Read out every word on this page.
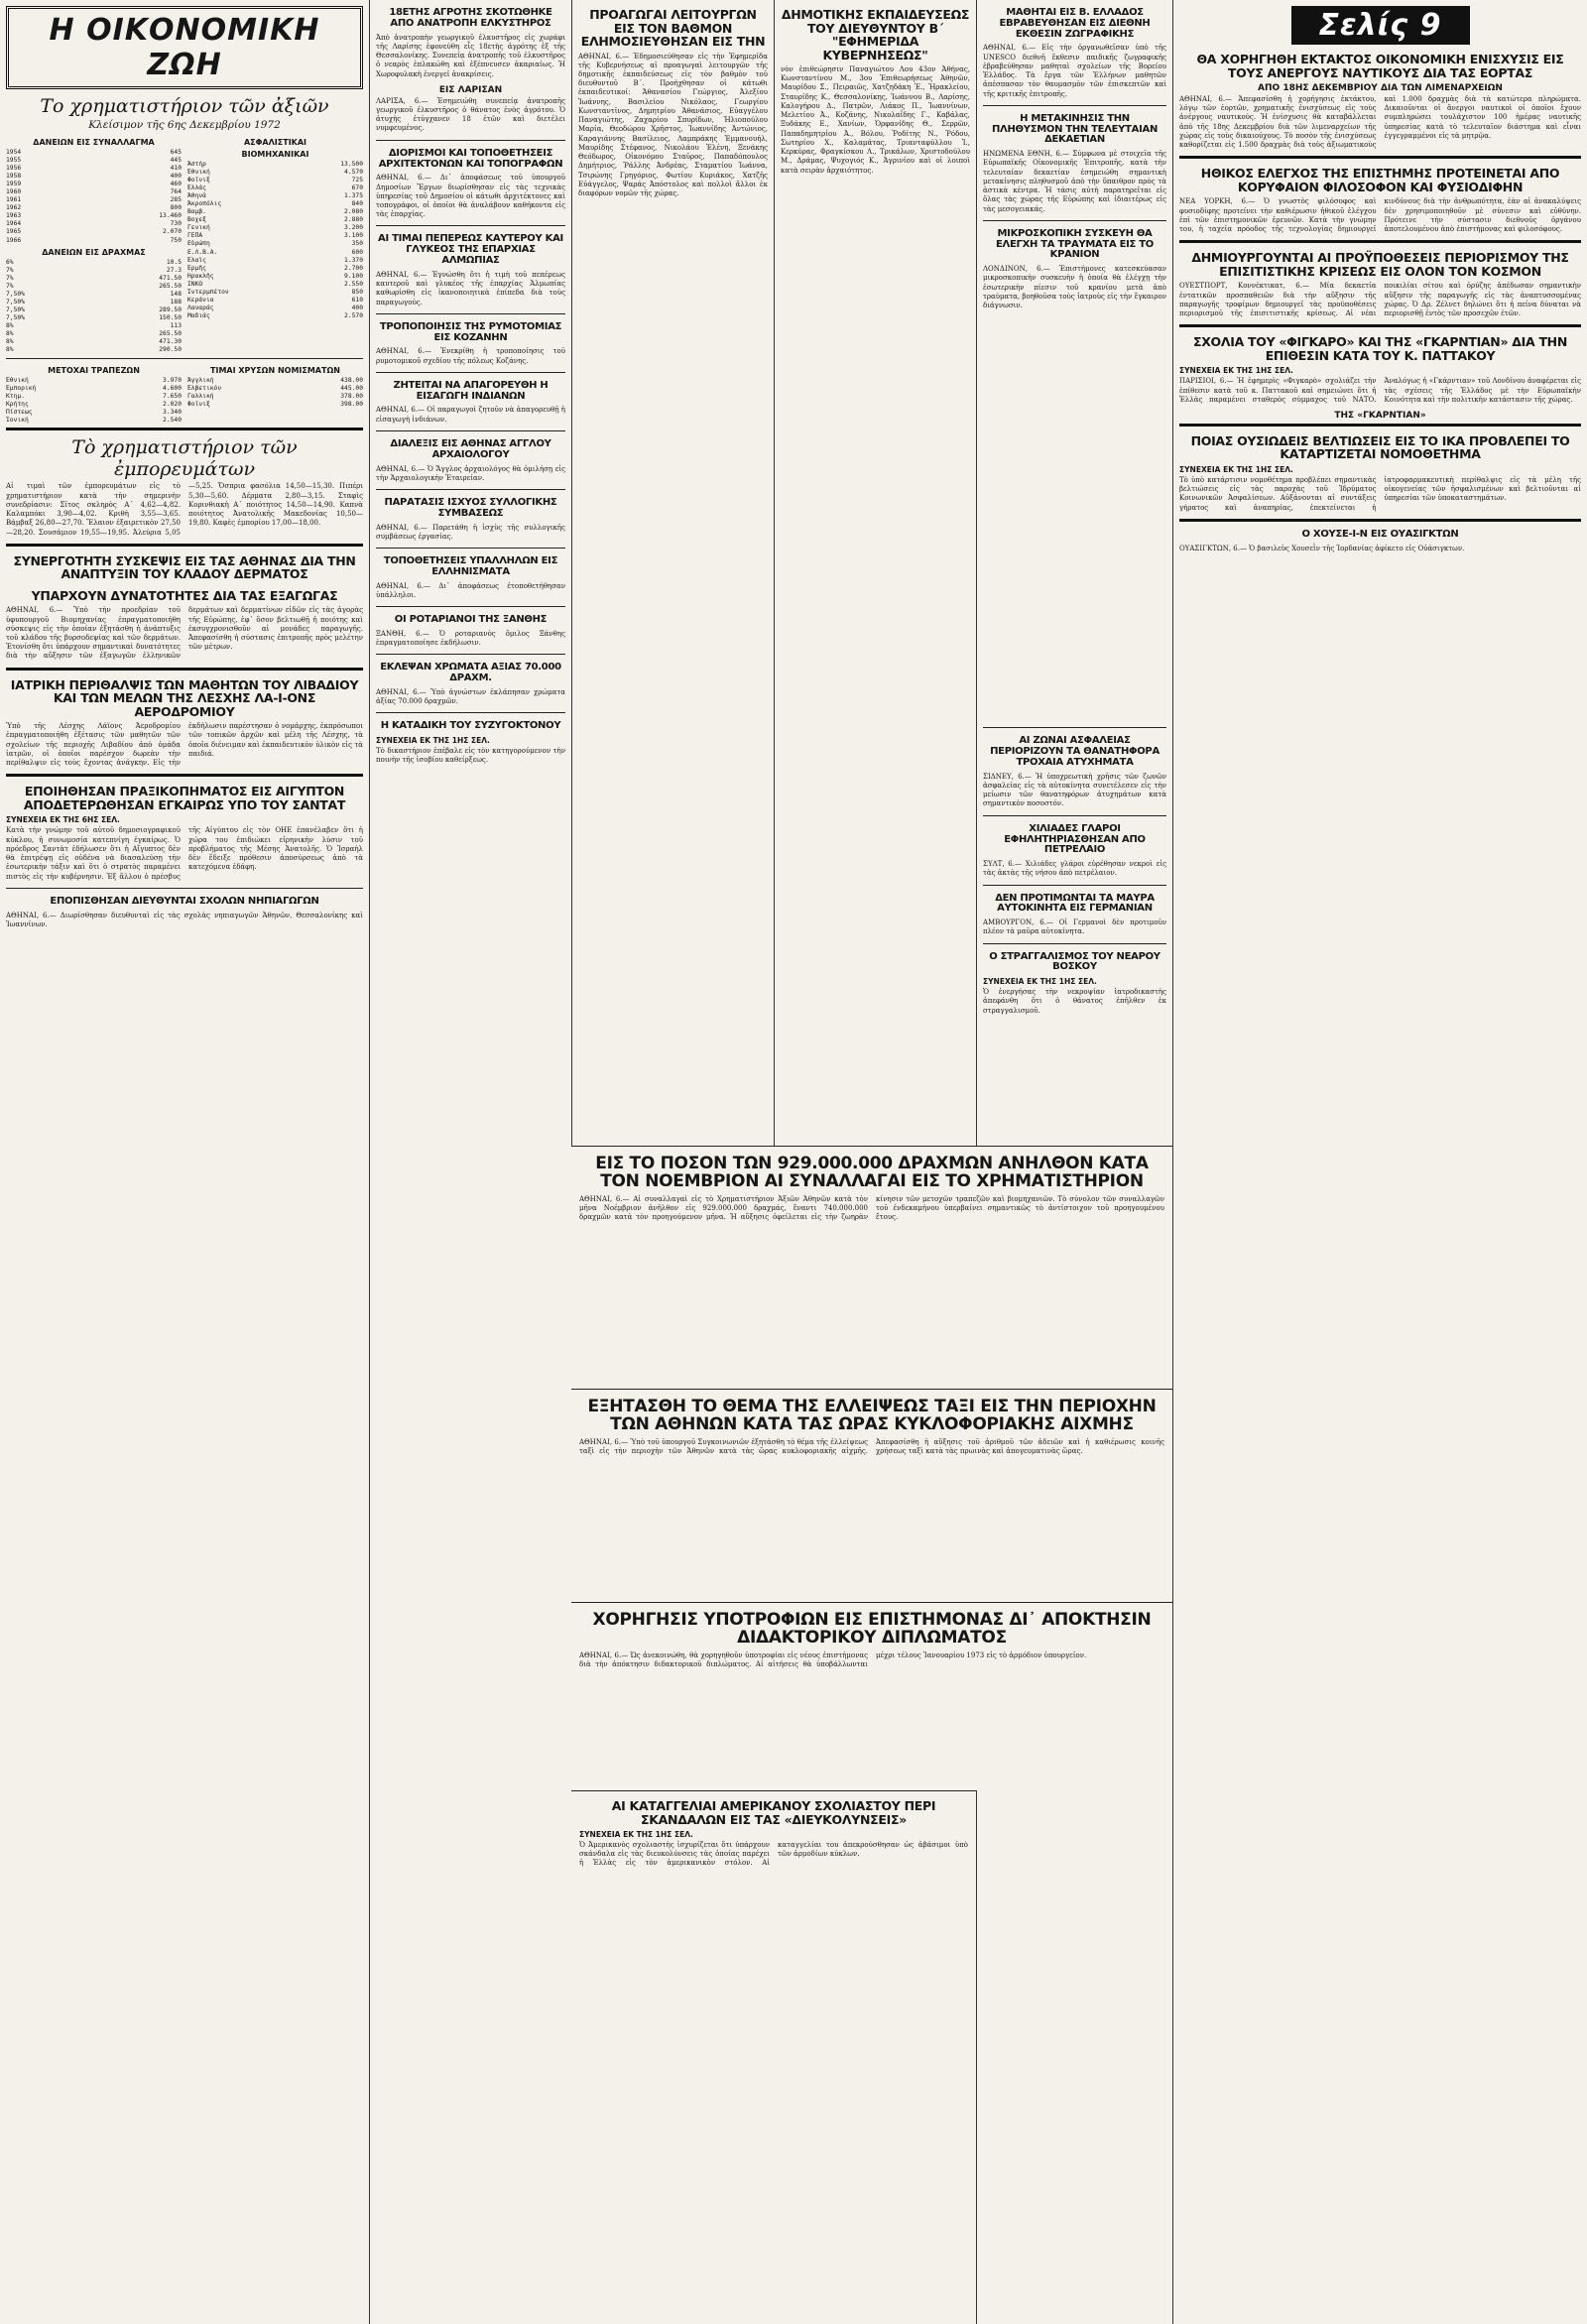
Η ΟΙΚΟΝΟΜΙΚΗ ΖΩΗ
Το χρηματιστήριον τῶν ἀξιῶν
Κλείσιμον τῆς 6ης Δεκεμβρίου 1972
ΔΑΝΕΙΩΝ ΕΙΣ ΣΥΝΑΛΛΑΓΜΑ
1954	645
1955	445
1956	410
1958	400
1959	460
1960	764
1961	285
1962	800
1963	13.460
1964	730
1965	2.070
1966	750
ΔΑΝΕΙΩΝ ΕΙΣ ΔΡΑΧΜΑΣ
6%	10.5
7%	27.3
7%	471.50
7%	265.50
7,50%	148
7,50%	188
7,50%	289.50
7,50%	150.50
8%	113
8%	265.50
8%	471.30
8%	290.50
ΑΣΦΑΛΙΣΤΙΚΑΙ
ΒΙΟΜΗΧΑΝΙΚΑΙ
Ἀστήρ	13.500
Ἐθνική	4.570
Φοῖνιξ	725
Ἑλλάς	670
Ἀθηνᾶ	1.375
Ἀκροπόλις	840
Βαμβ.	2.080
Βοχεξ	2.880
Γενική	3.200
ΓΕΠΑ	3.100
Εὐρώπη	350
Ε.Λ.Β.Α.	600
Ἐλαΐς	1.370
Ἐρμῆς	2.700
Ἠρακλῆς	9.100
ΙΝΚΟ	2.550
Ἰντερμπέτον	850
Κεράνια	610
Λαναράς	400
Μαδιάς	2.570
ΜΕΤΟΧΑΙ ΤΡΑΠΕΖΩΝ
Ἐθνική	3.970
Ἐμπορική	4.600
Κτημ.	7.650
Κρήτης	2.020
Πίστεως	3.340
Ἰονική	2.540
ΤΙΜΑΙ ΧΡΥΣΩΝ ΝΟΜΙΣΜΑΤΩΝ
Ἀγγλική	438.00
Ἐλβετικόν	445.00
Γαλλική	378.00
Φοῖνιξ	398.00
Τὸ χρηματιστήριον τῶν ἐμπορευμάτων
Αἱ τιμαὶ τῶν ἐμπορευμάτων εἰς τὸ χρηματιστήριον κατὰ τὴν σημερινὴν συνεδρίασιν: Σῖτος σκληρὸς Α΄ 4,62—4,82. Καλαμπόκι 3,90—4,02. Κριθὴ 3,55—3,65. Βάμβαξ 26,80—27,70. Ἔλαιον ἐξαιρετικὸν 27,50—28,20. Σουσάμιον 19,55—19,95. Ἀλεύρια 5,05—5,25. Ὄσπρια φασόλια 14,50—15,30. Πιπέρι 5,30—5,60. Δέρματα 2,80—3,15. Σταφὶς Κορινθιακὴ Α΄ ποιότητος 14,50—14,90. Καπνὰ ποιότητος Ἀνατολικῆς Μακεδονίας 10,50—19,80. Καφὲς ἐμπορίου 17,00—18,00.
ΣΥΝΕΡΓΟΤΗΤΗ ΣΥΣΚΕΨΙΣ ΕΙΣ ΤΑΣ ΑΘΗΝΑΣ ΔΙΑ ΤΗΝ ΑΝΑΠΤΥΞΙΝ ΤΟΥ ΚΛΑΔΟΥ ΔΕΡΜΑΤΟΣ
ΥΠΑΡΧΟΥΝ ΔΥΝΑΤΟΤΗΤΕΣ ΔΙΑ ΤΑΣ ΕΞΑΓΩΓΑΣ
ΑΘΗΝΑΙ, 6.— Ὑπὸ τὴν προεδρίαν τοῦ ὑφυπουργοῦ Βιομηχανίας ἐπραγματοποιήθη σύσκεψις εἰς τὴν ὁποίαν ἐξητάσθη ἡ ἀνάπτυξις τοῦ κλάδου τῆς βυρσοδεψίας καὶ τῶν δερμάτων. Ἐτονίσθη ὅτι ὑπάρχουν σημαντικαὶ δυνατότητες διὰ τὴν αὔξησιν τῶν ἐξαγωγῶν ἑλληνικῶν δερμάτων καὶ δερματίνων εἰδῶν εἰς τὰς ἀγορὰς τῆς Εὐρώπης, ἐφ᾽ ὅσον βελτιωθῇ ἡ ποιότης καὶ ἐκσυγχρονισθοῦν αἱ μονάδες παραγωγῆς. Ἀπεφασίσθη ἡ σύστασις ἐπιτροπῆς πρὸς μελέτην τῶν μέτρων.
ΙΑΤΡΙΚΗ ΠΕΡΙΘΑΛΨΙΣ ΤΩΝ ΜΑΘΗΤΩΝ ΤΟΥ ΛΙΒΑΔΙΟΥ ΚΑΙ ΤΩΝ ΜΕΛΩΝ ΤΗΣ ΛΕΣΧΗΣ ΛΑ-Ι-ΟΝΣ ΑΕΡΟΔΡΟΜΙΟΥ
Ὑπὸ τῆς Λέσχης Λάϊονς Ἀεροδρομίου ἐπραγματοποιήθη ἐξέτασις τῶν μαθητῶν τῶν σχολείων τῆς περιοχῆς Λιβαδίου ἀπὸ ὁμάδα ἰατρῶν, οἱ ὁποῖοι παρέσχον δωρεὰν τὴν περίθαλψιν εἰς τοὺς ἔχοντας ἀνάγκην. Εἰς τὴν ἐκδήλωσιν παρέστησαν ὁ νομάρχης, ἐκπρόσωποι τῶν τοπικῶν ἀρχῶν καὶ μέλη τῆς Λέσχης, τὰ ὁποῖα διένειμαν καὶ ἐκπαιδευτικὸν ὑλικὸν εἰς τὰ παιδιά.
ΕΠΟΙΗΘΗΣΑΝ ΠΡΑΞΙΚΟΠΗΜΑΤΟΣ ΕΙΣ ΑΙΓΥΠΤΟΝ ΑΠΟΔΕΤΕΡΩΘΗΣΑΝ ΕΓΚΑΙΡΩΣ ΥΠΟ ΤΟΥ ΣΑΝΤΑΤ
ΣΥΝΕΧΕΙΑ ΕΚ ΤΗΣ 6ΗΣ ΣΕΛ.
Κατὰ τὴν γνώμην τοῦ αὐτοῦ δημοσιογραφικοῦ κύκλου, ἡ συνωμοσία κατεπνίγη ἐγκαίρως. Ὁ πρόεδρος Σαντὰτ ἐδήλωσεν ὅτι ἡ Αἴγυπτος δὲν θὰ ἐπιτρέψῃ εἰς οὐδένα νὰ διασαλεύσῃ τὴν ἐσωτερικὴν τάξιν καὶ ὅτι ὁ στρατὸς παραμένει πιστὸς εἰς τὴν κυβέρνησιν. Ἐξ ἄλλου ὁ πρέσβυς τῆς Αἰγύπτου εἰς τὸν ΟΗΕ ἐπανέλαβεν ὅτι ἡ χώρα του ἐπιδιώκει εἰρηνικὴν λύσιν τοῦ προβλήματος τῆς Μέσης Ἀνατολῆς. Ὁ Ἰσραὴλ δὲν ἔδειξε πρόθεσιν ἀποσύρσεως ἀπὸ τὰ κατεχόμενα ἐδάφη.
ΕΠΟΠΙΣΘΗΣΑΝ ΔΙΕΥΘΥΝΤΑΙ ΣΧΟΛΩΝ ΝΗΠΙΑΓΩΓΩΝ
ΑΘΗΝΑΙ, 6.— Διωρίσθησαν διευθυνταὶ εἰς τὰς σχολὰς νηπιαγωγῶν Ἀθηνῶν, Θεσσαλονίκης καὶ Ἰωαννίνων.
18ΕΤΗΣ ΑΓΡΟΤΗΣ ΣΚΟΤΩΘΗΚΕ ΑΠΟ ΑΝΑΤΡΟΠΗ ΕΛΚΥΣΤΗΡΟΣ
Ἀπὸ ἀνατροπὴν γεωργικοῦ ἐλκυστῆρος εἰς χωράφι τῆς Λαρίσης ἐφονεύθη εἷς 18ετὴς ἀγρότης ἐξ τῆς Θεσσαλονίκης. Συνεπείᾳ ἀνατροπῆς τοῦ ἐλκυστῆρος ὁ νεαρὸς ἐπλακώθη καὶ ἐξέπνευσεν ἀκαριαίως. Ἡ Χωροφυλακὴ ἐνεργεῖ ἀνακρίσεις.
ΕΙΣ ΛΑΡΙΣΑΝ
ΛΑΡΙΣΑ, 6.— Ἐσημειώθη συνεπείᾳ ἀνατροπῆς γεωργικοῦ ἐλκυστῆρος ὁ θάνατος ἑνὸς ἀγρότου. Ὁ ἀτυχὴς ἐτύγχανεν 18 ἐτῶν καὶ διετέλει νυμφευμένος.
ΔΙΟΡΙΣΜΟΙ ΚΑΙ ΤΟΠΟΘΕΤΗΣΕΙΣ ΑΡΧΙΤΕΚΤΟΝΩΝ ΚΑΙ ΤΟΠΟΓΡΑΦΩΝ
ΑΘΗΝΑΙ, 6.— Δι᾽ ἀποφάσεως τοῦ ὑπουργοῦ Δημοσίων Ἔργων διωρίσθησαν εἰς τὰς τεχνικὰς ὑπηρεσίας τοῦ Δημοσίου οἱ κάτωθι ἀρχιτέκτονες καὶ τοπογράφοι, οἱ ὁποῖοι θὰ ἀναλάβουν καθήκοντα εἰς τὰς ἐπαρχίας.
ΑΙ ΤΙΜΑΙ ΠΕΠΕΡΕΩΣ ΚΑΥΤΕΡΟΥ ΚΑΙ ΓΛΥΚΕΟΣ ΤΗΣ ΕΠΑΡΧΙΑΣ ΑΛΜΩΠΙΑΣ
ΑΘΗΝΑΙ, 6.— Ἐγνώσθη ὅτι ἡ τιμὴ τοῦ πεπέρεως καυτεροῦ καὶ γλυκέος τῆς ἐπαρχίας Ἀλμωπίας καθωρίσθη εἰς ἱκανοποιητικὰ ἐπίπεδα διὰ τοὺς παραγωγούς.
ΤΡΟΠΟΠΟΙΗΣΙΣ ΤΗΣ ΡΥΜΟΤΟΜΙΑΣ ΕΙΣ ΚΟΖΑΝΗΝ
ΑΘΗΝΑΙ, 6.— Ἐνεκρίθη ἡ τροποποίησις τοῦ ρυμοτομικοῦ σχεδίου τῆς πόλεως Κοζάνης.
ΖΗΤΕΙΤΑΙ ΝΑ ΑΠΑΓΟΡΕΥΘΗ Η ΕΙΣΑΓΩΓΗ ΙΝΔΙΑΝΩΝ
ΑΘΗΝΑΙ, 6.— Οἱ παραγωγοὶ ζητοῦν νὰ ἀπαγορευθῇ ἡ εἰσαγωγὴ ἰνδιάνων.
ΔΙΑΛΕΞΙΣ ΕΙΣ ΑΘΗΝΑΣ ΑΓΓΛΟΥ ΑΡΧΑΙΟΛΟΓΟΥ
ΑΘΗΝΑΙ, 6.— Ὁ Ἄγγλος ἀρχαιολόγος θὰ ὁμιλήσῃ εἰς τὴν Ἀρχαιολογικὴν Ἑταιρείαν.
ΠΑΡΑΤΑΣΙΣ ΙΣΧΥΟΣ ΣΥΛΛΟΓΙΚΗΣ ΣΥΜΒΑΣΕΩΣ
ΑΘΗΝΑΙ, 6.— Παρετάθη ἡ ἰσχὺς τῆς συλλογικῆς συμβάσεως ἐργασίας.
ΤΟΠΟΘΕΤΗΣΕΙΣ ΥΠΑΛΛΗΛΩΝ ΕΙΣ ΕΛΛΗΝΙΣΜΑΤΑ
ΑΘΗΝΑΙ, 6.— Δι᾽ ἀποφάσεως ἐτοποθετήθησαν ὑπάλληλοι.
ΟΙ ΡΟΤΑΡΙΑΝΟΙ ΤΗΣ ΞΑΝΘΗΣ
ΞΑΝΘΗ, 6.— Ὁ ροταριανὸς ὅμιλος Ξάνθης ἐπραγματοποίησε ἐκδήλωσιν.
ΕΚΛΕΨΑΝ ΧΡΩΜΑΤΑ ΑΞΙΑΣ 70.000 ΔΡΑΧΜ.
ΑΘΗΝΑΙ, 6.— Ὑπὸ ἀγνώστων ἐκλάπησαν χρώματα ἀξίας 70.000 δραχμῶν.
Η ΚΑΤΑΔΙΚΗ ΤΟΥ ΣΥΖΥΓΟΚΤΟΝΟΥ
ΣΥΝΕΧΕΙΑ ΕΚ ΤΗΣ 1ΗΣ ΣΕΛ.
Τὸ δικαστήριον ἐπέβαλε εἰς τὸν κατηγορούμενον τὴν ποινὴν τῆς ἰσοβίου καθείρξεως.
ΠΡΟΑΓΩΓΑΙ ΛΕΙΤΟΥΡΓΩΝ ΕΙΣ ΤΟΝ ΒΑΘΜΟΝ ΕΛΗΜΟΣΙΕΥΘΗΣΑΝ ΕΙΣ ΤΗΝ
ΑΘΗΝΑΙ, 6.— Ἐδημοσιεύθησαν εἰς τὴν Ἐφημερίδα τῆς Κυβερνήσεως αἱ προαγωγαὶ λειτουργῶν τῆς δημοτικῆς ἐκπαιδεύσεως εἰς τὸν βαθμὸν τοῦ διευθυντοῦ Β΄. Προήχθησαν οἱ κάτωθι ἐκπαιδευτικοί: Ἀθανασίου Γεώργιος, Ἀλεξίου Ἰωάννης, Βασιλείου Νικόλαος, Γεωργίου Κωνσταντῖνος, Δημητρίου Ἀθανάσιος, Εὐαγγέλου Παναγιώτης, Ζαχαρίου Σπυρίδων, Ἠλιοπούλου Μαρία, Θεοδώρου Χρῆστος, Ἰωαννίδης Ἀντώνιος, Καραγιάννης Βασίλειος, Λαμπράκης Ἐμμανουήλ, Μαυρίδης Στέφανος, Νικολάου Ἑλένη, Ξενάκης Θεόδωρος, Οἰκονόμου Σταῦρος, Παπαδόπουλος Δημήτριος, Ῥάλλης Ἀνδρέας, Σταματίου Ἰωάννα, Τσιρώνης Γρηγόριος, Φωτίου Κυριάκος, Χατζῆς Εὐάγγελος, Ψαράς Ἀπόστολος καὶ πολλοὶ ἄλλοι ἐκ διαφόρων νομῶν τῆς χώρας.
ΔΗΜΟΤΙΚΗΣ ΕΚΠΑΙΔΕΥΣΕΩΣ ΤΟΥ ΔΙΕΥΘΥΝΤΟΥ Β΄ "ΕΦΗΜΕΡΙΔΑ ΚΥΒΕΡΝΗΣΕΩΣ"
νὸν ἐπιθεώρησιν Παναγιώτου Λου 43ον Ἀθήνας, Κωνσταντίνου Μ., 3ου Ἐπιθεωρήσεως Ἀθηνῶν, Μαυρίδου Σ., Πειραιῶς, Χατζηδάκη Ἐ., Ἡρακλείου, Σταυρίδης Κ., Θεσσαλονίκης, Ἰωάννου Β., Λαρίσης, Καλογήρου Δ., Πατρῶν, Λιάκος Π., Ἰωαννίνων, Μελετίου Ἀ., Κοζάνης, Νικολαΐδης Γ., Καβάλας, Ξυδάκης Ε., Χανίων, Ὀρφανίδης Θ., Σερρῶν, Παπαδημητρίου Ἀ., Βόλου, Ῥοδίτης Ν., Ῥόδου, Σωτηρίου Χ., Καλαμάτας, Τριανταφύλλου Ἰ., Κερκύρας, Φραγκίσκου Λ., Τρικάλων, Χριστοδούλου Μ., Δράμας, Ψυχογιός Κ., Ἀγρινίου καὶ οἱ λοιποὶ κατὰ σειρὰν ἀρχαιότητος.
ΜΑΘΗΤΑΙ ΕΙΣ Β. ΕΛΛΑΔΟΣ ΕΒΡΑΒΕΥΘΗΣΑΝ ΕΙΣ ΔΙΕΘΝΗ ΕΚΘΕΣΙΝ ΖΩΓΡΑΦΙΚΗΣ
ΑΘΗΝΑΙ, 6.— Εἰς τὴν ὀργανωθεῖσαν ὑπὸ τῆς UNESCO διεθνῆ ἔκθεσιν παιδικῆς ζωγραφικῆς ἐβραβεύθησαν μαθηταὶ σχολείων τῆς Βορείου Ἑλλάδος. Τὰ ἔργα τῶν Ἑλλήνων μαθητῶν ἀπέσπασαν τὸν θαυμασμὸν τῶν ἐπισκεπτῶν καὶ τῆς κριτικῆς ἐπιτροπῆς.
Η ΜΕΤΑΚΙΝΗΣΙΣ ΤΗΝ ΠΛΗΘΥΣΜΟΝ ΤΗΝ ΤΕΛΕΥΤΑΙΑΝ ΔΕΚΑΕΤΙΑΝ
ΗΝΩΜΕΝΑ ΕΘΝΗ, 6.— Σύμφωνα μὲ στοιχεῖα τῆς Εὐρωπαϊκῆς Οἰκονομικῆς Ἐπιτροπῆς, κατὰ τὴν τελευταίαν δεκαετίαν ἐσημειώθη σημαντικὴ μετακίνησις πληθυσμοῦ ἀπὸ τὴν ὕπαιθρον πρὸς τὰ ἀστικὰ κέντρα. Ἡ τάσις αὐτὴ παρατηρεῖται εἰς ὅλας τὰς χώρας τῆς Εὐρώπης καὶ ἰδιαιτέρως εἰς τὰς μεσογειακάς.
ΜΙΚΡΟΣΚΟΠΙΚΗ ΣΥΣΚΕΥΗ ΘΑ ΕΛΕΓΧΗ ΤΑ ΤΡΑΥΜΑΤΑ ΕΙΣ ΤΟ ΚΡΑΝΙΟΝ
ΛΟΝΔΙΝΟΝ, 6.— Ἐπιστήμονες κατεσκεύασαν μικροσκοπικὴν συσκευὴν ἡ ὁποία θὰ ἐλέγχῃ τὴν ἐσωτερικὴν πίεσιν τοῦ κρανίου μετὰ ἀπὸ τραύματα, βοηθοῦσα τοὺς ἰατροὺς εἰς τὴν ἔγκαιρον διάγνωσιν.
ΑΙ ΖΩΝΑΙ ΑΣΦΑΛΕΙΑΣ ΠΕΡΙΟΡΙΖΟΥΝ ΤΑ ΘΑΝΑΤΗΦΟΡΑ ΤΡΟΧΑΙΑ ΑΤΥΧΗΜΑΤΑ
ΣΙΔΝΕΥ, 6.— Ἡ ὑποχρεωτικὴ χρῆσις τῶν ζωνῶν ἀσφαλείας εἰς τὰ αὐτοκίνητα συνετέλεσεν εἰς τὴν μείωσιν τῶν θανατηφόρων ἀτυχημάτων κατὰ σημαντικὸν ποσοστόν.
ΧΙΛΙΑΔΕΣ ΓΛΑΡΟΙ ΕΦΗΛΗΤΗΡΙΑΣΘΗΣΑΝ ΑΠΟ ΠΕΤΡΕΛΑΙΟ
ΣΥΛΤ, 6.— Χιλιάδες γλάροι εὑρέθησαν νεκροὶ εἰς τὰς ἀκτὰς τῆς νήσου ἀπὸ πετρέλαιον.
ΔΕΝ ΠΡΟΤΙΜΩΝΤΑΙ ΤΑ ΜΑΥΡΑ ΑΥΤΟΚΙΝΗΤΑ ΕΙΣ ΓΕΡΜΑΝΙΑΝ
ΑΜΒΟΥΡΓΟΝ, 6.— Οἱ Γερμανοὶ δὲν προτιμοῦν πλέον τὰ μαῦρα αὐτοκίνητα.
Ο ΣΤΡΑΓΓΑΛΙΣΜΟΣ ΤΟΥ ΝΕΑΡΟΥ ΒΟΣΚΟΥ
ΣΥΝΕΧΕΙΑ ΕΚ ΤΗΣ 1ΗΣ ΣΕΛ.
Ὁ ἐνεργήσας τὴν νεκροψίαν ἰατροδικαστὴς ἀπεφάνθη ὅτι ὁ θάνατος ἐπῆλθεν ἐκ στραγγαλισμοῦ.
Σελίς 9
ΘΑ ΧΟΡΗΓΗΘΗ ΕΚΤΑΚΤΟΣ ΟΙΚΟΝΟΜΙΚΗ ΕΝΙΣΧΥΣΙΣ ΕΙΣ ΤΟΥΣ ΑΝΕΡΓΟΥΣ ΝΑΥΤΙΚΟΥΣ ΔΙΑ ΤΑΣ ΕΟΡΤΑΣ
ΑΠΟ 18ΗΣ ΔΕΚΕΜΒΡΙΟΥ ΔΙΑ ΤΩΝ ΛΙΜΕΝΑΡΧΕΙΩΝ
ΑΘΗΝΑΙ, 6.— Ἀπεφασίσθη ἡ χορήγησις ἐκτάκτου, λόγῳ τῶν ἑορτῶν, χρηματικῆς ἐνισχύσεως εἰς τοὺς ἀνέργους ναυτικούς. Ἡ ἐνίσχυσις θὰ καταβάλλεται ἀπὸ τῆς 18ης Δεκεμβρίου διὰ τῶν λιμεναρχείων τῆς χώρας εἰς τοὺς δικαιούχους. Τὸ ποσὸν τῆς ἐνισχύσεως καθορίζεται εἰς 1.500 δραχμὰς διὰ τοὺς ἀξιωματικοὺς καὶ 1.000 δραχμὰς διὰ τὰ κατώτερα πληρώματα. Δικαιοῦνται οἱ ἄνεργοι ναυτικοὶ οἱ ὁποῖοι ἔχουν συμπληρώσει τουλάχιστον 100 ἡμέρας ναυτικῆς ὑπηρεσίας κατὰ τὸ τελευταῖον διάστημα καὶ εἶναι ἐγγεγραμμένοι εἰς τὰ μητρῷα.
ΗΘΙΚΟΣ ΕΛΕΓΧΟΣ ΤΗΣ ΕΠΙΣΤΗΜΗΣ ΠΡΟΤΕΙΝΕΤΑΙ ΑΠΟ ΚΟΡΥΦΑΙΟΝ ΦΙΛΟΣΟΦΟΝ ΚΑΙ ΦΥΣΙΟΔΙΦΗΝ
ΝΕΑ ΥΟΡΚΗ, 6.— Ὁ γνωστὸς φιλόσοφος καὶ φυσιοδίφης προτείνει τὴν καθιέρωσιν ἠθικοῦ ἐλέγχου ἐπὶ τῶν ἐπιστημονικῶν ἐρευνῶν. Κατὰ τὴν γνώμην του, ἡ ταχεῖα πρόοδος τῆς τεχνολογίας δημιουργεῖ κινδύνους διὰ τὴν ἀνθρωπότητα, ἐὰν αἱ ἀνακαλύψεις δὲν χρησιμοποιηθοῦν μὲ σύνεσιν καὶ εὐθύνην. Πρότεινε τὴν σύστασιν διεθνοῦς ὀργάνου ἀποτελουμένου ἀπὸ ἐπιστήμονας καὶ φιλοσόφους.
ΔΗΜΙΟΥΡΓΟΥΝΤΑΙ ΑΙ ΠΡΟΫΠΟΘΕΣΕΙΣ ΠΕΡΙΟΡΙΣΜΟΥ ΤΗΣ ΕΠΙΣΙΤΙΣΤΙΚΗΣ ΚΡΙΣΕΩΣ ΕΙΣ ΟΛΟΝ ΤΟΝ ΚΟΣΜΟΝ
ΟΥΕΣΤΠΟΡΤ, Κοννέκτικατ, 6.— Μία δεκαετία ἐντατικῶν προσπαθειῶν διὰ τὴν αὔξησιν τῆς παραγωγῆς τροφίμων δημιουργεῖ τὰς προϋποθέσεις περιορισμοῦ τῆς ἐπισιτιστικῆς κρίσεως. Αἱ νέαι ποικιλίαι σίτου καὶ ὀρύζης ἀπέδωσαν σημαντικὴν αὔξησιν τῆς παραγωγῆς εἰς τὰς ἀναπτυσσομένας χώρας. Ὁ Δρ. Ζέλνετ δηλώνει ὅτι ἡ πείνα δύναται νὰ περιορισθῇ ἐντὸς τῶν προσεχῶν ἐτῶν.
ΣΧΟΛΙΑ ΤΟΥ «ΦΙΓΚΑΡΟ» ΚΑΙ ΤΗΣ «ΓΚΑΡΝΤΙΑΝ» ΔΙΑ ΤΗΝ ΕΠΙΘΕΣΙΝ ΚΑΤΑ ΤΟΥ Κ. ΠΑΤΤΑΚΟΥ
ΣΥΝΕΧΕΙΑ ΕΚ ΤΗΣ 1ΗΣ ΣΕΛ.
ΠΑΡΙΣΙΟΙ, 6.— Ἡ ἐφημερὶς «Φιγκαρὸ» σχολιάζει τὴν ἐπίθεσιν κατὰ τοῦ κ. Παττακοῦ καὶ σημειώνει ὅτι ἡ Ἑλλὰς παραμένει σταθερὸς σύμμαχος τοῦ ΝΑΤΟ. Ἀναλόγως ἡ «Γκάρντιαν» τοῦ Λονδίνου ἀναφέρεται εἰς τὰς σχέσεις τῆς Ἑλλάδος μὲ τὴν Εὐρωπαϊκὴν Κοινότητα καὶ τὴν πολιτικὴν κατάστασιν τῆς χώρας.
ΤΗΣ «ΓΚΑΡΝΤΙΑΝ»
ΠΟΙΑΣ ΟΥΣΙΩΔΕΙΣ ΒΕΛΤΙΩΣΕΙΣ ΕΙΣ ΤΟ ΙΚΑ ΠΡΟΒΛΕΠΕΙ ΤΟ ΚΑΤΑΡΤΙΖΕΤΑΙ ΝΟΜΟΘΕΤΗΜΑ
ΣΥΝΕΧΕΙΑ ΕΚ ΤΗΣ 1ΗΣ ΣΕΛ.
Τὸ ὑπὸ κατάρτισιν νομοθέτημα προβλέπει σημαντικὰς βελτιώσεις εἰς τὰς παροχὰς τοῦ Ἱδρύματος Κοινωνικῶν Ἀσφαλίσεων. Αὐξάνονται αἱ συντάξεις γήρατος καὶ ἀναπηρίας, ἐπεκτείνεται ἡ ἰατροφαρμακευτικὴ περίθαλψις εἰς τὰ μέλη τῆς οἰκογενείας τῶν ἠσφαλισμένων καὶ βελτιοῦνται αἱ ὑπηρεσίαι τῶν ὑποκαταστημάτων.
Ο ΧΟΥΣΕ-Ι-Ν ΕΙΣ ΟΥΑΣΙΓΚΤΩΝ
ΟΥΑΣΙΓΚΤΩΝ, 6.— Ὁ βασιλεὺς Χουσεῒν τῆς Ἰορδανίας ἀφίκετο εἰς Οὐάσιγκτων.
ΕΙΣ ΤΟ ΠΟΣΟΝ ΤΩΝ 929.000.000 ΔΡΑΧΜΩΝ ΑΝΗΛΘΟΝ ΚΑΤΑ ΤΟΝ ΝΟΕΜΒΡΙΟΝ ΑΙ ΣΥΝΑΛΛΑΓΑΙ ΕΙΣ ΤΟ ΧΡΗΜΑΤΙΣΤΗΡΙΟΝ
ΑΘΗΝΑΙ, 6.— Αἱ συναλλαγαὶ εἰς τὸ Χρηματιστήριον Ἀξιῶν Ἀθηνῶν κατὰ τὸν μῆνα Νοέμβριον ἀνῆλθον εἰς 929.000.000 δραχμάς, ἔναντι 740.000.000 δραχμῶν κατὰ τὸν προηγούμενον μῆνα. Ἡ αὔξησις ὀφείλεται εἰς τὴν ζωηρὰν κίνησιν τῶν μετοχῶν τραπεζῶν καὶ βιομηχανιῶν. Τὸ σύνολον τῶν συναλλαγῶν τοῦ ἑνδεκαμήνου ὑπερβαίνει σημαντικῶς τὸ ἀντίστοιχον τοῦ προηγουμένου ἔτους.
ΕΞΗΤΑΣΘΗ ΤΟ ΘΕΜΑ ΤΗΣ ΕΛΛΕΙΨΕΩΣ ΤΑΞΙ ΕΙΣ ΤΗΝ ΠΕΡΙΟΧΗΝ ΤΩΝ ΑΘΗΝΩΝ ΚΑΤΑ ΤΑΣ ΩΡΑΣ ΚΥΚΛΟΦΟΡΙΑΚΗΣ ΑΙΧΜΗΣ
ΑΘΗΝΑΙ, 6.— Ὑπὸ τοῦ ὑπουργοῦ Συγκοινωνιῶν ἐξητάσθη τὸ θέμα τῆς ἐλλείψεως ταξὶ εἰς τὴν περιοχὴν τῶν Ἀθηνῶν κατὰ τὰς ὥρας κυκλοφοριακῆς αἰχμῆς. Ἀπεφασίσθη ἡ αὔξησις τοῦ ἀριθμοῦ τῶν ἀδειῶν καὶ ἡ καθιέρωσις κοινῆς χρήσεως ταξὶ κατὰ τὰς πρωινὰς καὶ ἀπογευματινὰς ὥρας.
ΧΟΡΗΓΗΣΙΣ ΥΠΟΤΡΟΦΙΩΝ ΕΙΣ ΕΠΙΣΤΗΜΟΝΑΣ ΔΙ᾽ ΑΠΟΚΤΗΣΙΝ ΔΙΔΑΚΤΟΡΙΚΟΥ ΔΙΠΛΩΜΑΤΟΣ
ΑΘΗΝΑΙ, 6.— Ὡς ἀνεκοινώθη, θὰ χορηγηθοῦν ὑποτροφίαι εἰς νέους ἐπιστήμονας διὰ τὴν ἀπόκτησιν διδακτορικοῦ διπλώματος. Αἱ αἰτήσεις θὰ ὑποβάλλωνται μέχρι τέλους Ἰανουαρίου 1973 εἰς τὸ ἀρμόδιον ὑπουργεῖον.
ΑΙ ΚΑΤΑΓΓΕΛΙΑΙ ΑΜΕΡΙΚΑΝΟΥ ΣΧΟΛΙΑΣΤΟΥ ΠΕΡΙ ΣΚΑΝΔΑΛΩΝ ΕΙΣ ΤΑΣ «ΔΙΕΥΚΟΛΥΝΣΕΙΣ»
ΣΥΝΕΧΕΙΑ ΕΚ ΤΗΣ 1ΗΣ ΣΕΛ.
Ὁ Ἀμερικανὸς σχολιαστὴς ἰσχυρίζεται ὅτι ὑπάρχουν σκάνδαλα εἰς τὰς διευκολύνσεις τὰς ὁποίας παρέχει ἡ Ἑλλὰς εἰς τὸν ἀμερικανικὸν στόλον. Αἱ καταγγελίαι του ἀπεκρούσθησαν ὡς ἀβάσιμοι ὑπὸ τῶν ἁρμοδίων κύκλων.
